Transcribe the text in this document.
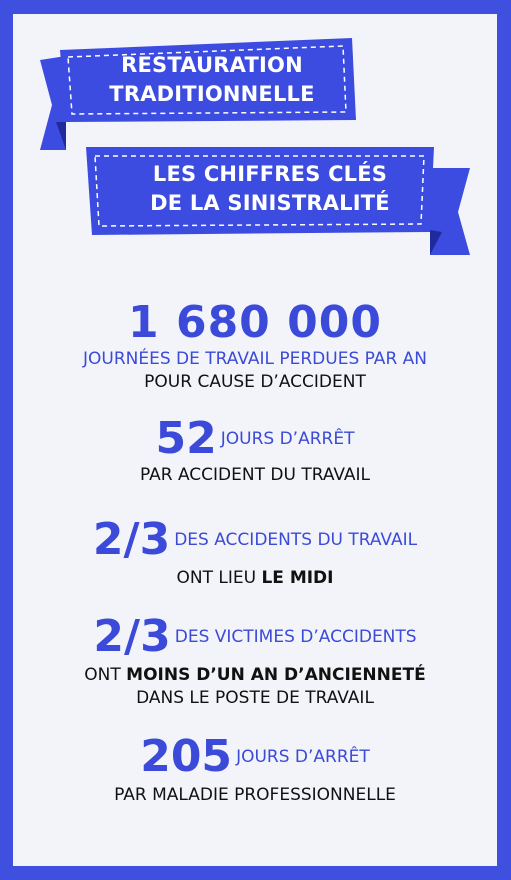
RESTAURATION
TRADITIONNELLE
LES CHIFFRES CLÉS
DE LA SINISTRALITÉ
1 680 000
JOURNÉES DE TRAVAIL PERDUES PAR AN
POUR CAUSE D’ACCIDENT
52 JOURS D’ARRÊT
PAR ACCIDENT DU TRAVAIL
2/3 DES ACCIDENTS DU TRAVAIL
ONT LIEU LE MIDI
2/3 DES VICTIMES D’ACCIDENTS
ONT MOINS D’UN AN D’ANCIENNETÉ
DANS LE POSTE DE TRAVAIL
205 JOURS D’ARRÊT
PAR MALADIE PROFESSIONNELLE
